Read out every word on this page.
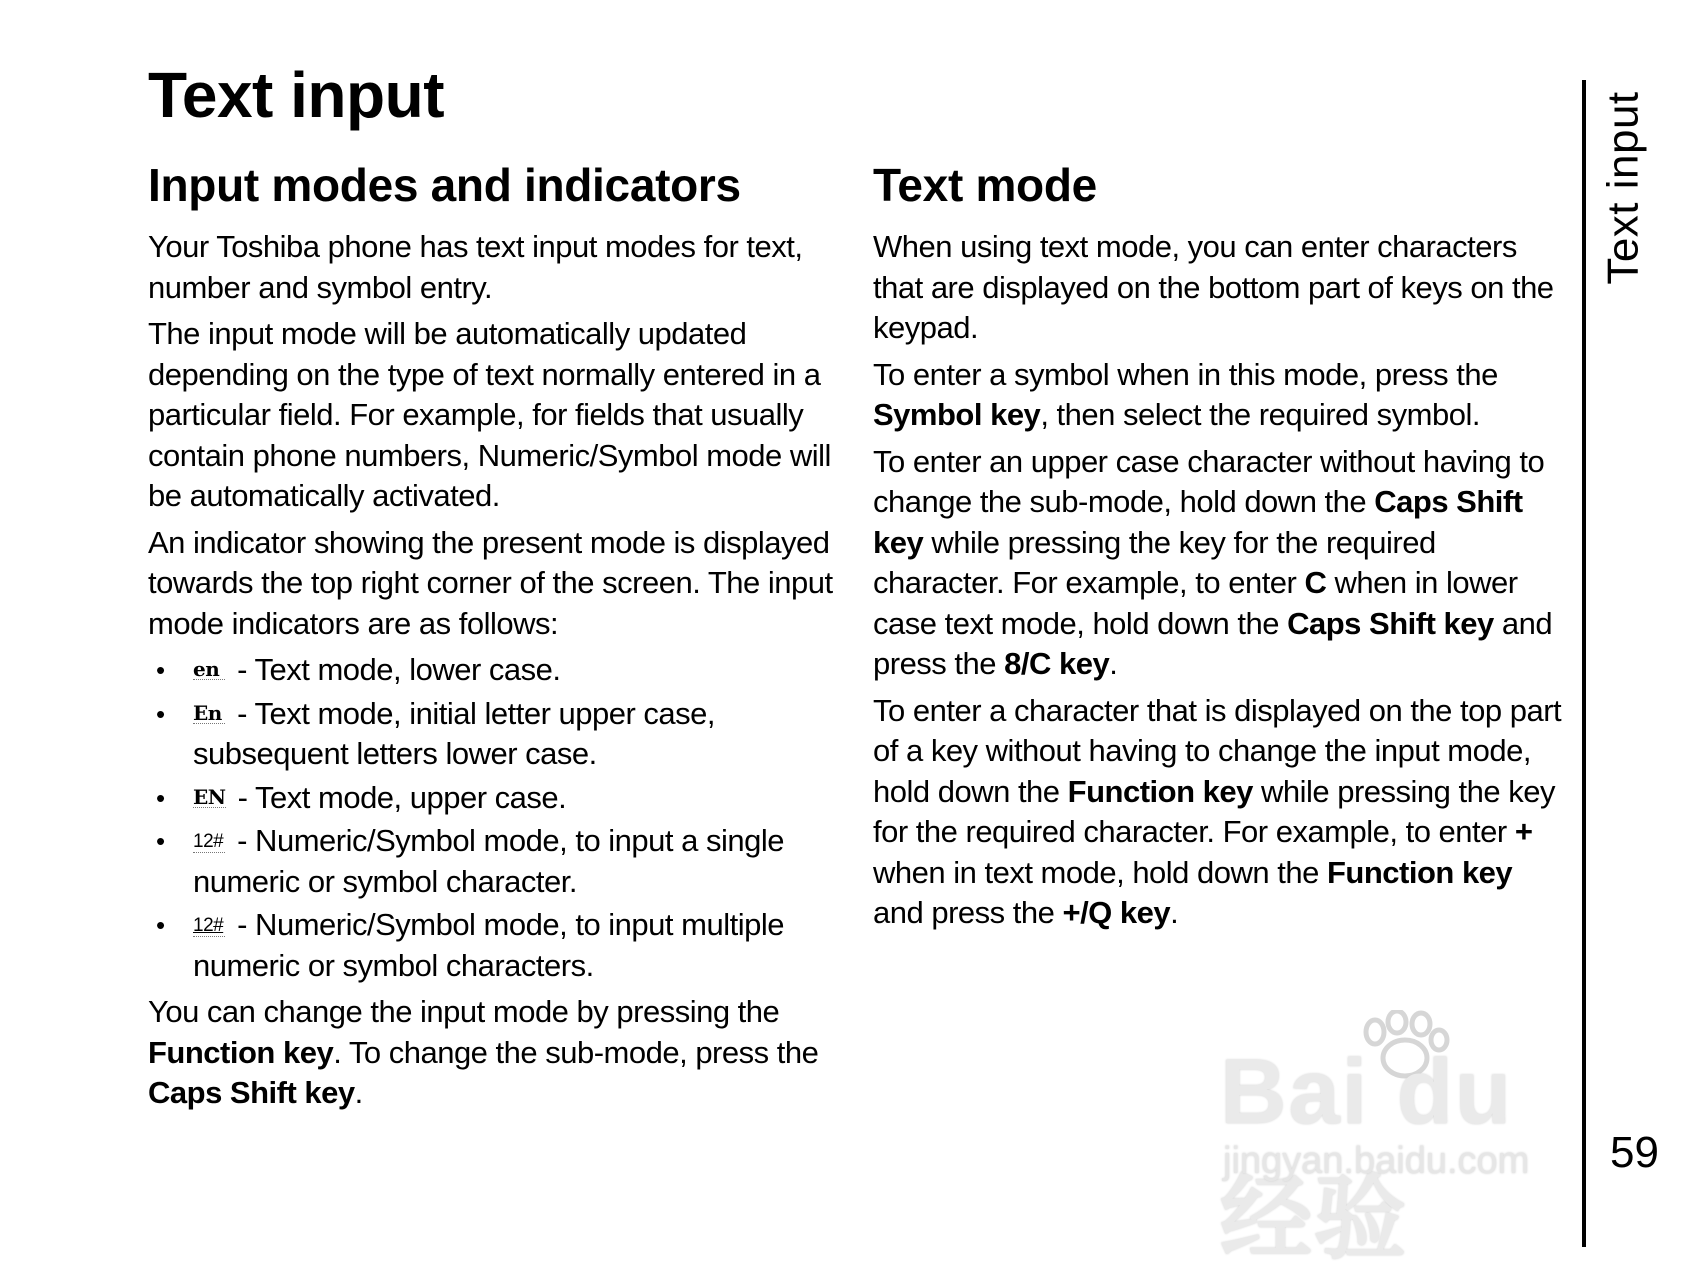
Text input
Input modes and indicators

Your Toshiba phone has text input modes for text, number and symbol entry.

The input mode will be automatically updated depending on the type of text normally entered in a particular field. For example, for fields that usually contain phone numbers, Numeric/Symbol mode will be automatically activated.

An indicator showing the present mode is displayed towards the top right corner of the screen. The input mode indicators are as follows:

• en - Text mode, lower case.
• En - Text mode, initial letter upper case, subsequent letters lower case.
• EN - Text mode, upper case.
• 12# - Numeric/Symbol mode, to input a single numeric or symbol character.
• 12# - Numeric/Symbol mode, to input multiple numeric or symbol characters.

You can change the input mode by pressing the Function key. To change the sub-mode, press the Caps Shift key.

Text mode

When using text mode, you can enter characters that are displayed on the bottom part of keys on the keypad.

To enter a symbol when in this mode, press the Symbol key, then select the required symbol.

To enter an upper case character without having to change the sub-mode, hold down the Caps Shift key while pressing the key for the required character. For example, to enter C when in lower case text mode, hold down the Caps Shift key and press the 8/C key.

To enter a character that is displayed on the top part of a key without having to change the input mode, hold down the Function key while pressing the key for the required character. For example, to enter + when in text mode, hold down the Function key and press the +/Q key.

Text input
59
Bai du 经验
jingyan.baidu.com
